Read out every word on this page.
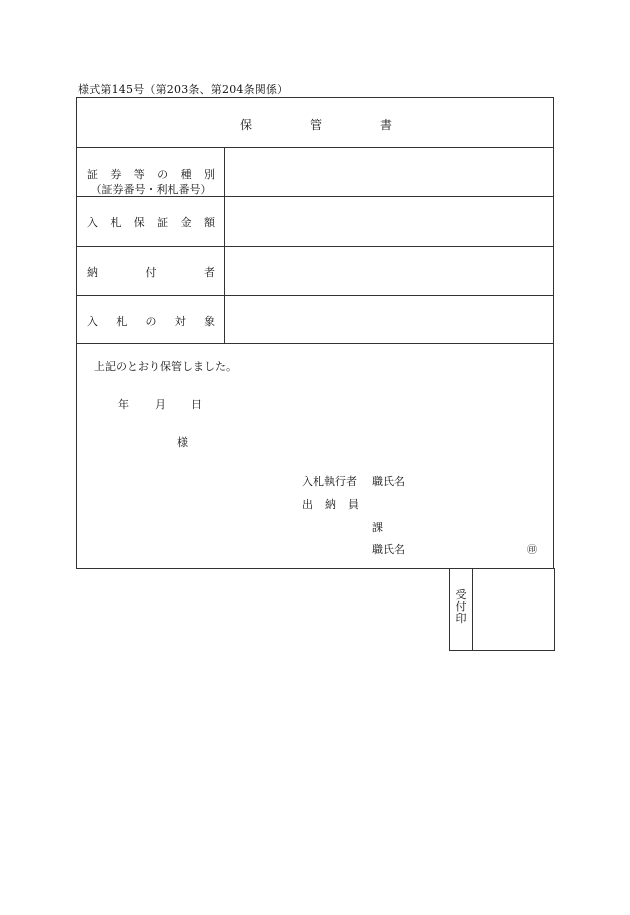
様式第145号（第203条、第204条関係）
保	管	書
証 券 等 の 種 別
（証券番号・利札番号）
入 札 保 証 金 額
納	付	者
入 札 の 対 象
上記のとおり保管しました。
年 月 日
様
入札執行者 職氏名
出 納 員
課
職氏名	㊞
受
付
印
